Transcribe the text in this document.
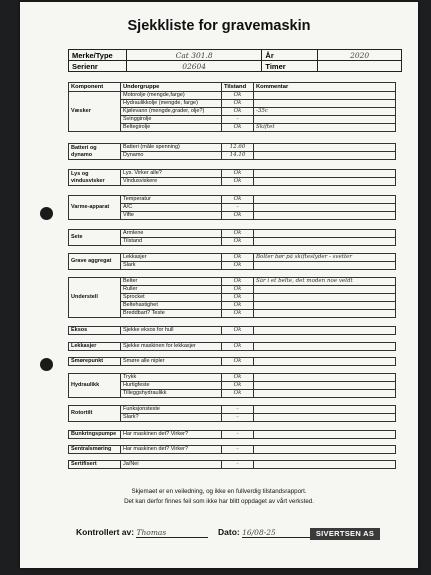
Sjekkliste for gravemaskin
Merke/Type	Cat 301.8	År	2020
Serienr	02604	Timer	
Komponent	Undergruppe	Tilstand	Kommentar
Væsker	Motorolje (mengde,farge)	Ok	
	Hydraulikkolje (mengde, farge)	Ok	
	Kjølevann (mengde,grader, olje?)	Ok	-35c
	Svinggirolje	–	
	Beltegirolje	Ok	Skiftet
Batteri og dynamo	Batteri (måle spenning)	12.60	
	Dynamo	14.10	
Lys og vindusvisker	Lys. Virker alle?	Ok	
	Vindusviskere	Ok	
Varme-apparat	Temperatur	Ok	
	A/C	–	
	Vifte	Ok	
Sete	Armlene	Ok	
	Tilstand	Ok	
Grave aggregat	Lekkasjer	Ok	Bolter bør på skifteslyder - svetter
	Slark	Ok	
Understell	Belter	Ok	Sår i et belte, det moden noe veldt
	Ruller	Ok	
	Sprocket	Ok	
	Beltehastighet	Ok	
	Breddbart? Teste	Ok	
Eksos	Sjekke eksos for hull	Ok	
Lekkasjer	Sjekke maskinen for lekkasjer	Ok	
Smørepunkt	Smøre alle nipler	Ok	
Hydraulikk	Trykk	Ok	
	Hurtigfeste	Ok	
	Tilleggshydraulikk	Ok	
Rotortilt	Funksjonsteste	–	
	Slark?	–	
Bunkringspumpe	Har maskinen det? Virker?	–	
Sentralsmøring	Har maskinen det? Virker?	–	
Sertifisert	Ja/Nei	–	
Skjemaet er en veiledning, og ikke en fullverdig tilstandsrapport.
Det kan derfor finnes feil som ikke har blitt oppdaget av vårt verksted.
Kontrollert av: Thomas	Dato: 16/08-25	SIVERTSEN AS
